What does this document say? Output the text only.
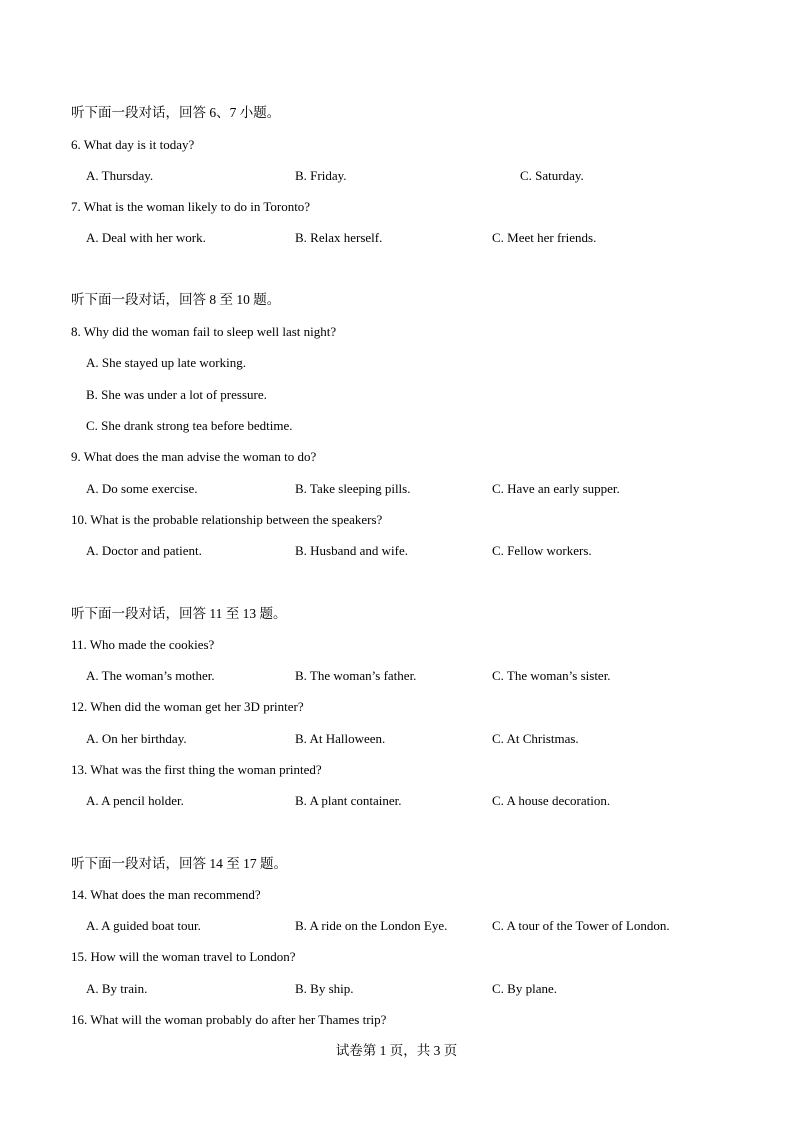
听下面一段对话，回答 6、7 小题。
6. What day is it today?
A. Thursday.	B. Friday.	C. Saturday.
7. What is the woman likely to do in Toronto?
A. Deal with her work.	B. Relax herself.	C. Meet her friends.
听下面一段对话，回答 8 至 10 题。
8. Why did the woman fail to sleep well last night?
A. She stayed up late working.
B. She was under a lot of pressure.
C. She drank strong tea before bedtime.
9. What does the man advise the woman to do?
A. Do some exercise.	B. Take sleeping pills.	C. Have an early supper.
10. What is the probable relationship between the speakers?
A. Doctor and patient.	B. Husband and wife.	C. Fellow workers.
听下面一段对话，回答 11 至 13 题。
11. Who made the cookies?
A. The woman’s mother.	B. The woman’s father.	C. The woman’s sister.
12. When did the woman get her 3D printer?
A. On her birthday.	B. At Halloween.	C. At Christmas.
13. What was the first thing the woman printed?
A. A pencil holder.	B. A plant container.	C. A house decoration.
听下面一段对话，回答 14 至 17 题。
14. What does the man recommend?
A. A guided boat tour.	B. A ride on the London Eye.	C. A tour of the Tower of London.
15. How will the woman travel to London?
A. By train.	B. By ship.	C. By plane.
16. What will the woman probably do after her Thames trip?
试卷第 1 页，共 3 页
